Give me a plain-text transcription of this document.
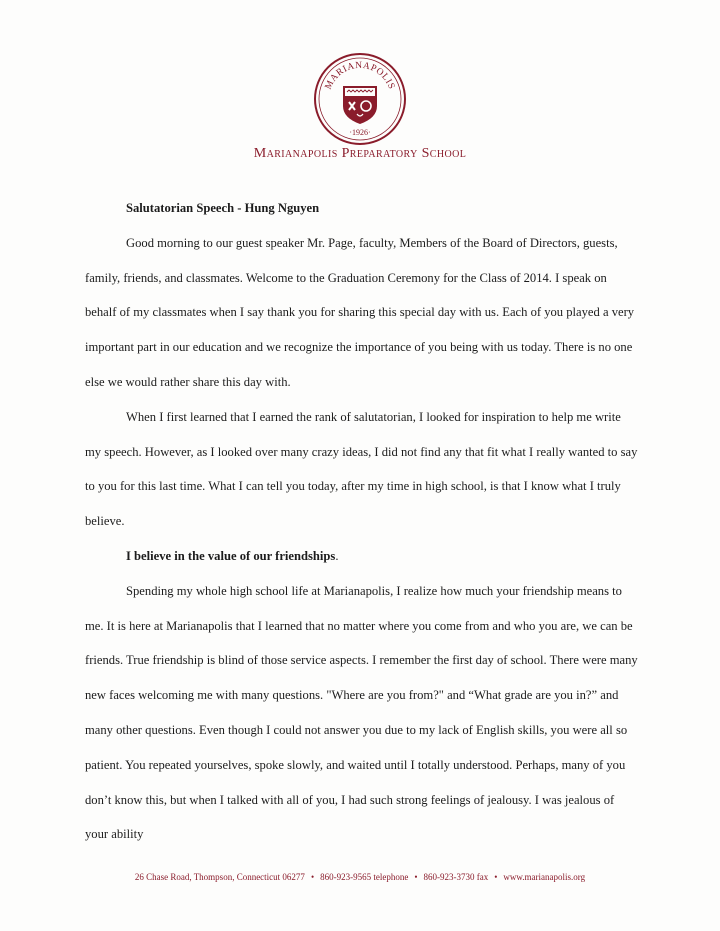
MARIANAPOLIS
·1926·
Marianapolis Preparatory School

Salutatorian Speech - Hung Nguyen

Good morning to our guest speaker Mr. Page, faculty, Members of the Board of Directors, guests, family, friends, and classmates. Welcome to the Graduation Ceremony for the Class of 2014. I speak on behalf of my classmates when I say thank you for sharing this special day with us. Each of you played a very important part in our education and we recognize the importance of you being with us today. There is no one else we would rather share this day with.

When I first learned that I earned the rank of salutatorian, I looked for inspiration to help me write my speech. However, as I looked over many crazy ideas, I did not find any that fit what I really wanted to say to you for this last time. What I can tell you today, after my time in high school, is that I know what I truly believe.

I believe in the value of our friendships.

Spending my whole high school life at Marianapolis, I realize how much your friendship means to me. It is here at Marianapolis that I learned that no matter where you come from and who you are, we can be friends. True friendship is blind of those service aspects. I remember the first day of school. There were many new faces welcoming me with many questions. "Where are you from?" and “What grade are you in?” and many other questions. Even though I could not answer you due to my lack of English skills, you were all so patient. You repeated yourselves, spoke slowly, and waited until I totally understood. Perhaps, many of you don’t know this, but when I talked with all of you, I had such strong feelings of jealousy. I was jealous of your ability

26 Chase Road, Thompson, Connecticut 06277 • 860-923-9565 telephone • 860-923-3730 fax • www.marianapolis.org
